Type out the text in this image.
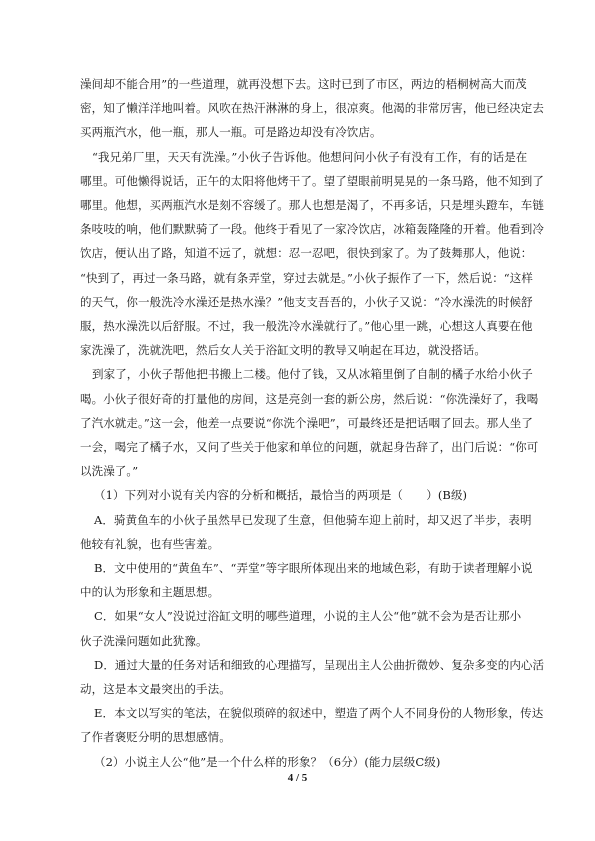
澡间却不能合用”的一些道理，就再没想下去。这时已到了市区，两边的梧桐树高大而茂
密，知了懒洋洋地叫着。风吹在热汗淋淋的身上，很凉爽。他渴的非常厉害，他已经决定去
买两瓶汽水，他一瓶，那人一瓶。可是路边却没有冷饮店。
“我兄弟厂里，天天有洗澡。”小伙子告诉他。他想问问小伙子有没有工作，有的话是在
哪里。可他懒得说话，正午的太阳将他烤干了。望了望眼前明晃晃的一条马路，他不知到了
哪里。他想，买两瓶汽水是刻不容缓了。那人也想是渴了，不再多话，只是埋头蹬车，车链
条吱吱的响，他们默默骑了一段。他终于看见了一家冷饮店，冰箱轰隆隆的开着。他看到冷
饮店，便认出了路，知道不远了，就想：忍一忍吧，很快到家了。为了鼓舞那人，他说：
“快到了，再过一条马路，就有条弄堂，穿过去就是。”小伙子振作了一下，然后说：“这样
的天气，你一般洗冷水澡还是热水澡？”他支支吾吾的，小伙子又说：“冷水澡洗的时候舒
服，热水澡洗以后舒服。不过，我一般洗冷水澡就行了。”他心里一跳，心想这人真要在他
家洗澡了，洗就洗吧，然后女人关于浴缸文明的教导又响起在耳边，就没搭话。
到家了，小伙子帮他把书搬上二楼。他付了钱，又从冰箱里倒了自制的橘子水给小伙子
喝。小伙子很好奇的打量他的房间，这是亮剑一套的新公房，然后说：“你洗澡好了，我喝
了汽水就走。”这一会，他差一点要说“你洗个澡吧”，可最终还是把话咽了回去。那人坐了
一会，喝完了橘子水，又问了些关于他家和单位的问题，就起身告辞了，出门后说：“你可
以洗澡了。”
（1）下列对小说有关内容的分析和概括，最恰当的两项是（　　）(B级)
A．骑黄鱼车的小伙子虽然早已发现了生意，但他骑车迎上前时，却又迟了半步，表明
他较有礼貌，也有些害羞。
B．文中使用的“黄鱼车”、“弄堂”等字眼所体现出来的地域色彩，有助于读者理解小说
中的认为形象和主题思想。
C．如果“女人”没说过浴缸文明的哪些道理，小说的主人公“他”就不会为是否让那小
伙子洗澡问题如此犹豫。
D．通过大量的任务对话和细致的心理描写，呈现出主人公曲折微妙、复杂多变的内心活
动，这是本文最突出的手法。
E．本文以写实的笔法，在貌似琐碎的叙述中，塑造了两个人不同身份的人物形象，传达
了作者褒贬分明的思想感情。
（2）小说主人公“他”是一个什么样的形象？（6分）(能力层级C级)
4 / 5
